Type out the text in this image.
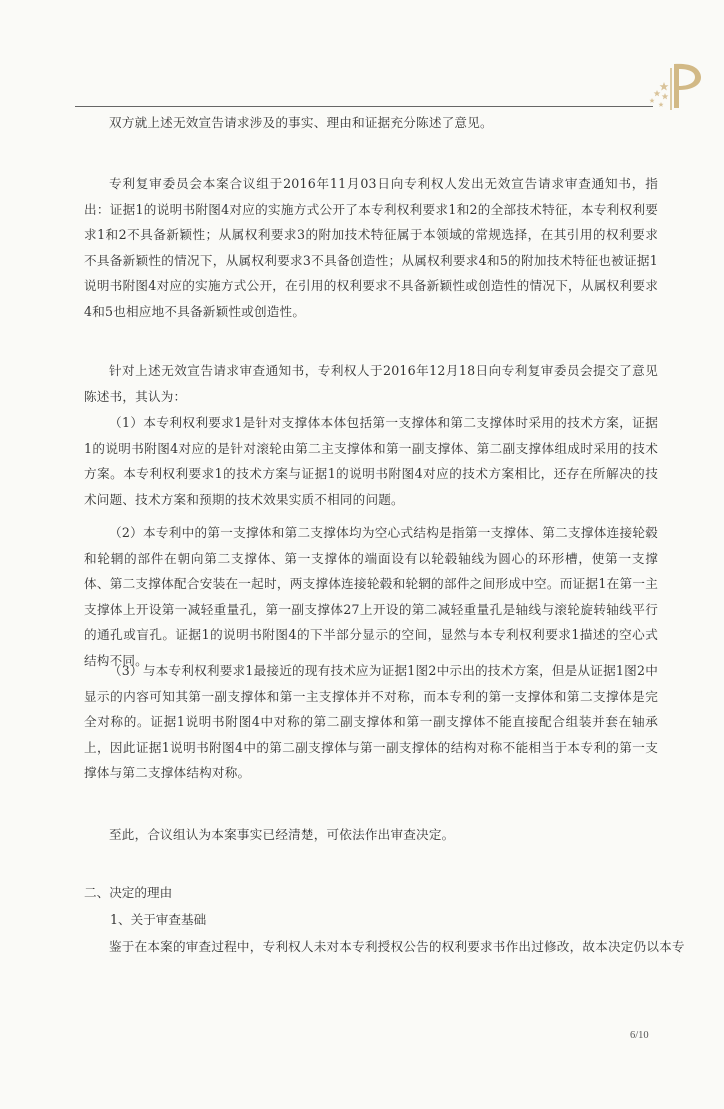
双方就上述无效宣告请求涉及的事实、理由和证据充分陈述了意见。

专利复审委员会本案合议组于2016年11月03日向专利权人发出无效宣告请求审查通知书，指出：证据1的说明书附图4对应的实施方式公开了本专利权利要求1和2的全部技术特征，本专利权利要求1和2不具备新颖性；从属权利要求3的附加技术特征属于本领域的常规选择，在其引用的权利要求不具备新颖性的情况下，从属权利要求3不具备创造性；从属权利要求4和5的附加技术特征也被证据1说明书附图4对应的实施方式公开，在引用的权利要求不具备新颖性或创造性的情况下，从属权利要求4和5也相应地不具备新颖性或创造性。

针对上述无效宣告请求审查通知书，专利权人于2016年12月18日向专利复审委员会提交了意见陈述书，其认为：

（1）本专利权利要求1是针对支撑体本体包括第一支撑体和第二支撑体时采用的技术方案，证据1的说明书附图4对应的是针对滚轮由第二主支撑体和第一副支撑体、第二副支撑体组成时采用的技术方案。本专利权利要求1的技术方案与证据1的说明书附图4对应的技术方案相比，还存在所解决的技术问题、技术方案和预期的技术效果实质不相同的问题。

（2）本专利中的第一支撑体和第二支撑体均为空心式结构是指第一支撑体、第二支撑体连接轮毂和轮辋的部件在朝向第二支撑体、第一支撑体的端面设有以轮毂轴线为圆心的环形槽，使第一支撑体、第二支撑体配合安装在一起时，两支撑体连接轮毂和轮辋的部件之间形成中空。而证据1在第一主支撑体上开设第一减轻重量孔，第一副支撑体27上开设的第二减轻重量孔是轴线与滚轮旋转轴线平行的通孔或盲孔。证据1的说明书附图4的下半部分显示的空间，显然与本专利权利要求1描述的空心式结构不同。

（3）与本专利权利要求1最接近的现有技术应为证据1图2中示出的技术方案，但是从证据1图2中显示的内容可知其第一副支撑体和第一主支撑体并不对称，而本专利的第一支撑体和第二支撑体是完全对称的。证据1说明书附图4中对称的第二副支撑体和第一副支撑体不能直接配合组装并套在轴承上，因此证据1说明书附图4中的第二副支撑体与第一副支撑体的结构对称不能相当于本专利的第一支撑体与第二支撑体结构对称。

至此，合议组认为本案事实已经清楚，可依法作出审查决定。

二、决定的理由

1、关于审查基础

鉴于在本案的审查过程中，专利权人未对本专利授权公告的权利要求书作出过修改，故本决定仍以本专

6/10
